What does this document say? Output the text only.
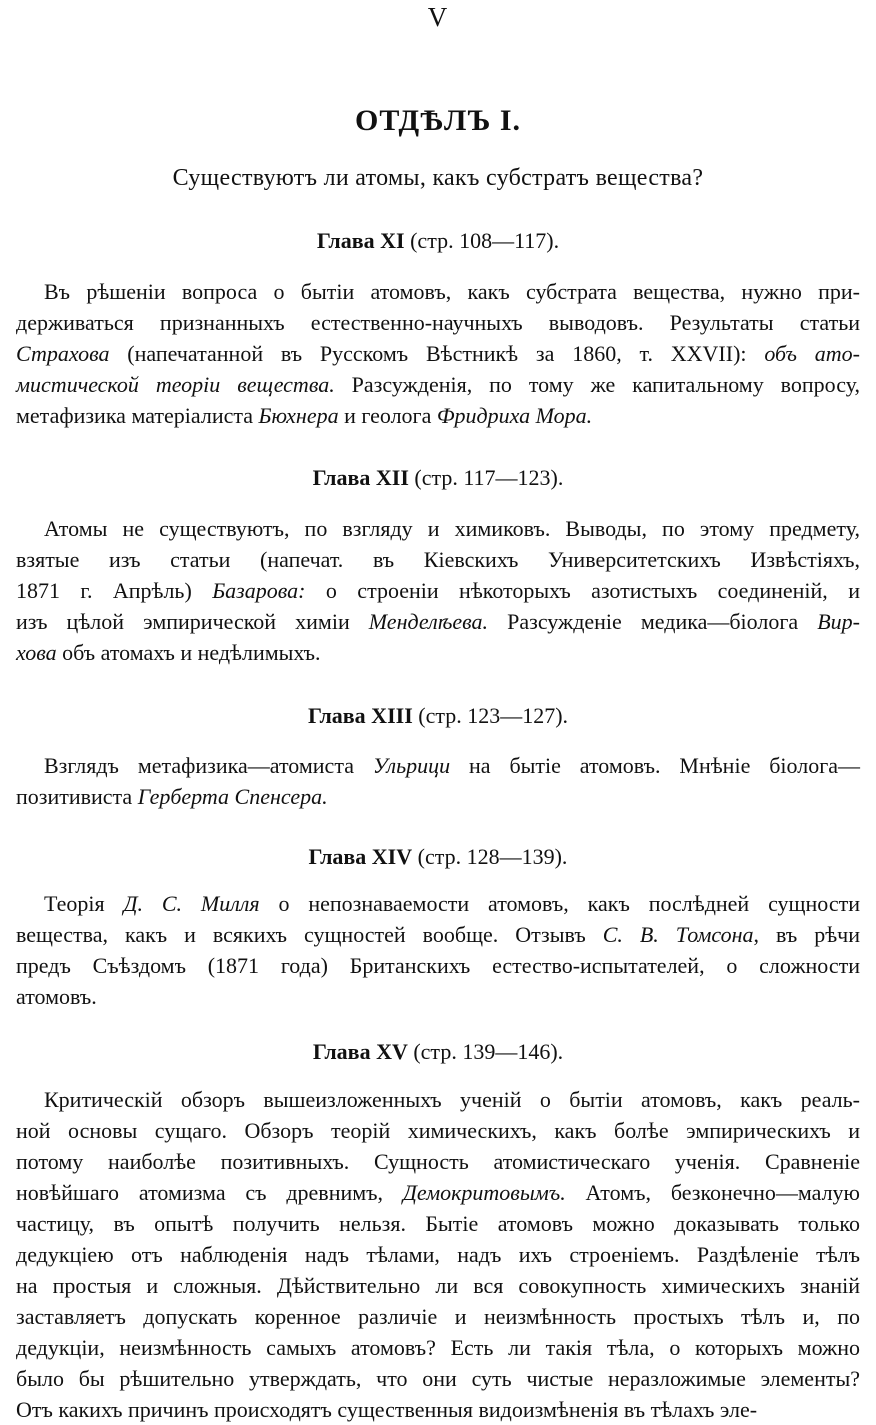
V
ОТДѢЛЪ I.
Существуютъ ли атомы, какъ субстратъ вещества?
Глава XI (стр. 108—117).
Въ рѣшеніи вопроса о бытіи атомовъ, какъ субстрата вещества, нужно при-
держиваться признанныхъ естественно-научныхъ выводовъ. Результаты статьи
Страхова (напечатанной въ Русскомъ Вѣстникѣ за 1860, т. XXVII): объ ато-
мистической теоріи вещества. Разсужденія, по тому же капитальному вопросу,
метафизика матеріалиста Бюхнера и геолога Фридриха Мора.
Глава XII (стр. 117—123).
Атомы не существуютъ, по взгляду и химиковъ. Выводы, по этому предмету,
взятые изъ статьи (напечат. въ Кіевскихъ Университетскихъ Извѣстіяхъ,
1871 г. Апрѣль) Базарова: о строеніи нѣкоторыхъ азотистыхъ соединеній, и
изъ цѣлой эмпирической химіи Менделѣева. Разсужденіе медика—біолога Вир-
хова объ атомахъ и недѣлимыхъ.
Глава XIII (стр. 123—127).
Взглядъ метафизика—атомиста Ульрици на бытіе атомовъ. Мнѣніе біолога—
позитивиста Герберта Спенсера.
Глава XIV (стр. 128—139).
Теорія Д. С. Милля о непознаваемости атомовъ, какъ послѣдней сущности
вещества, какъ и всякихъ сущностей вообще. Отзывъ С. В. Томсона, въ рѣчи
предъ Съѣздомъ (1871 года) Британскихъ естество-испытателей, о сложности
атомовъ.
Глава XV (стр. 139—146).
Критическій обзоръ вышеизложенныхъ ученій о бытіи атомовъ, какъ реаль-
ной основы сущаго. Обзоръ теорій химическихъ, какъ болѣе эмпирическихъ и
потому наиболѣе позитивныхъ. Сущность атомистическаго ученія. Сравненіе
новѣйшаго атомизма съ древнимъ, Демокритовымъ. Атомъ, безконечно—малую
частицу, въ опытѣ получить нельзя. Бытіе атомовъ можно доказывать только
дедукціею отъ наблюденія надъ тѣлами, надъ ихъ строеніемъ. Раздѣленіе тѣлъ
на простыя и сложныя. Дѣйствительно ли вся совокупность химическихъ знаній
заставляетъ допускать коренное различіе и неизмѣнность простыхъ тѣлъ и, по
дедукціи, неизмѣнность самыхъ атомовъ? Есть ли такія тѣла, о которыхъ можно
было бы рѣшительно утверждать, что они суть чистые неразложимые элементы?
Отъ какихъ причинъ происходятъ существенныя видоизмѣненія въ тѣлахъ эле-
